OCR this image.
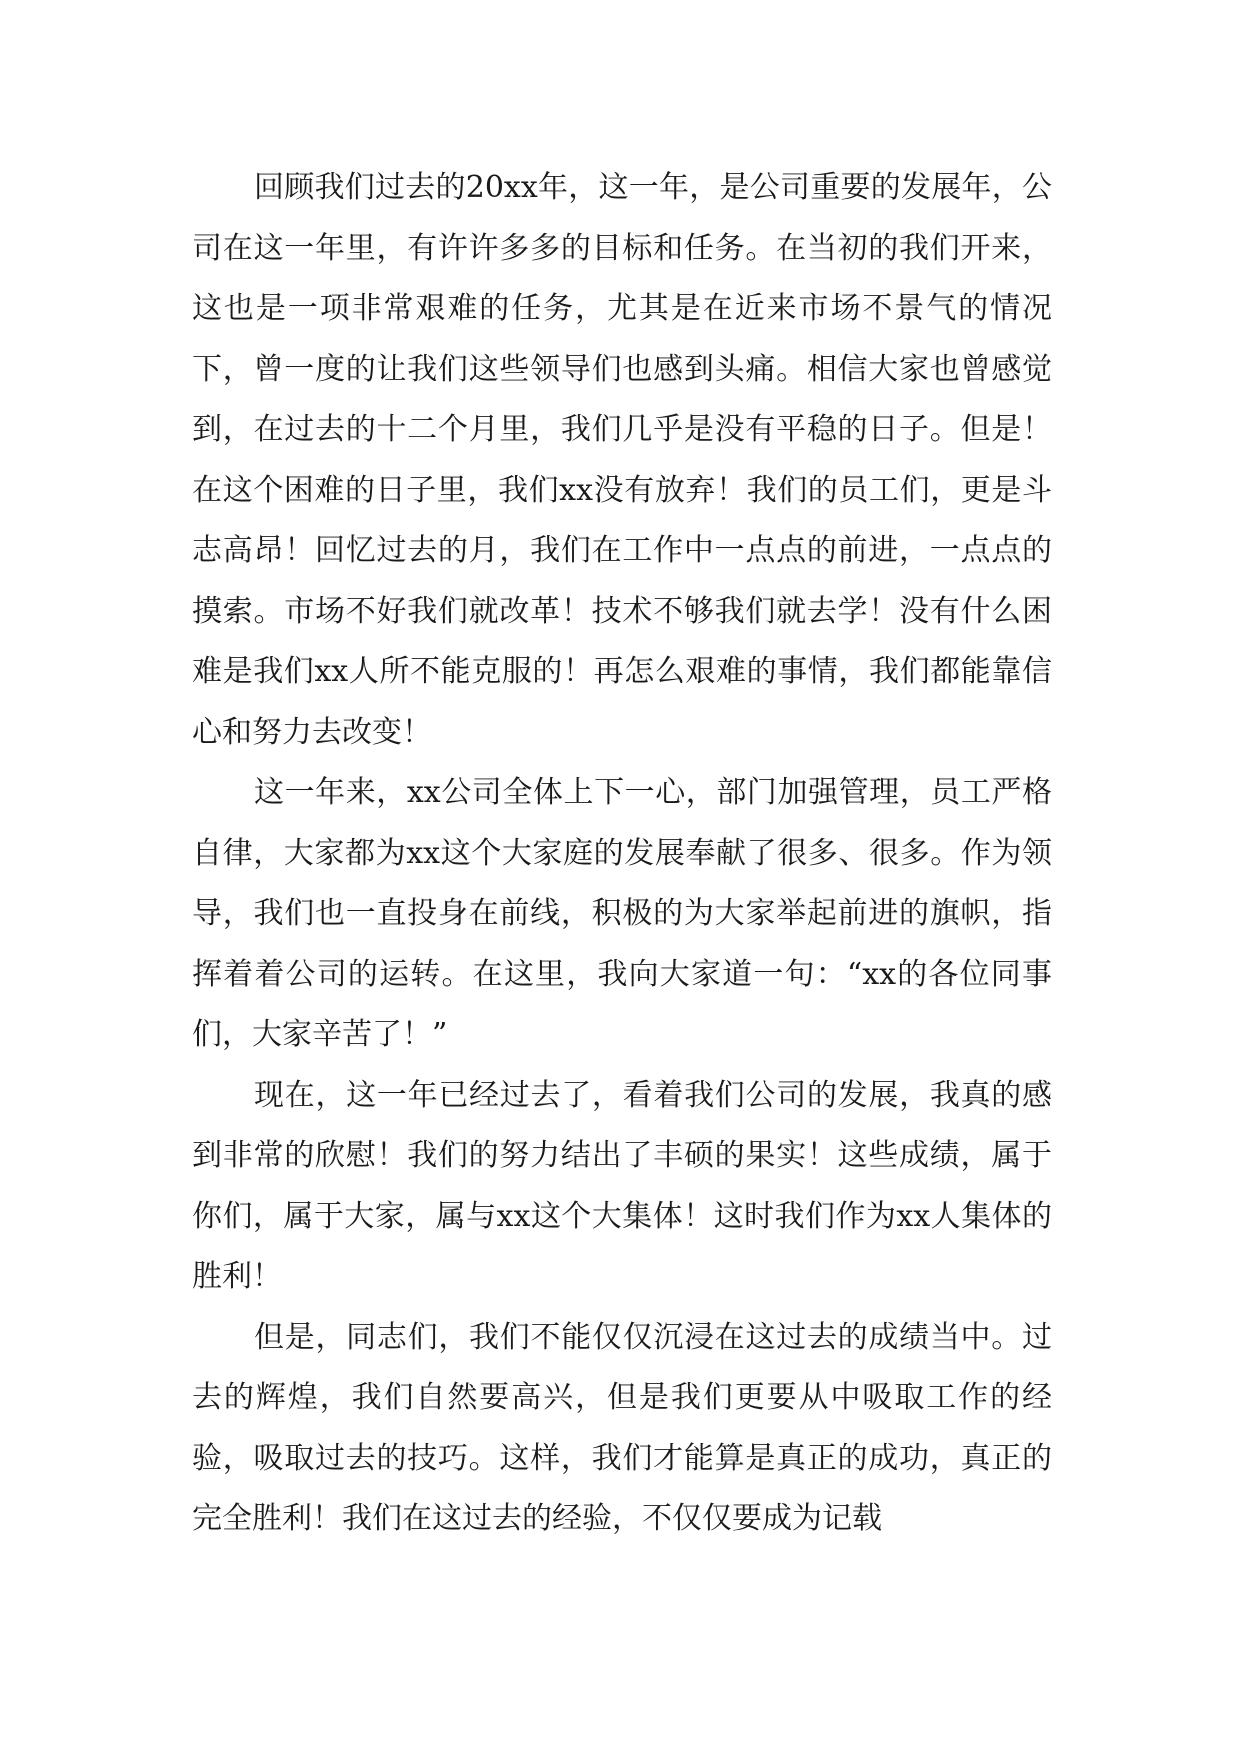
回顾我们过去的20xx年，这一年，是公司重要的发展年，公司在这一年里，有许许多多的目标和任务。在当初的我们开来，这也是一项非常艰难的任务，尤其是在近来市场不景气的情况下，曾一度的让我们这些领导们也感到头痛。相信大家也曾感觉到，在过去的十二个月里，我们几乎是没有平稳的日子。但是！在这个困难的日子里，我们xx没有放弃！我们的员工们，更是斗志高昂！回忆过去的月，我们在工作中一点点的前进，一点点的摸索。市场不好我们就改革！技术不够我们就去学！没有什么困难是我们xx人所不能克服的！再怎么艰难的事情，我们都能靠信心和努力去改变！

这一年来，xx公司全体上下一心，部门加强管理，员工严格自律，大家都为xx这个大家庭的发展奉献了很多、很多。作为领导，我们也一直投身在前线，积极的为大家举起前进的旗帜，指挥着着公司的运转。在这里，我向大家道一句：“xx的各位同事们，大家辛苦了！”

现在，这一年已经过去了，看着我们公司的发展，我真的感到非常的欣慰！我们的努力结出了丰硕的果实！这些成绩，属于你们，属于大家，属与xx这个大集体！这时我们作为xx人集体的胜利！

但是，同志们，我们不能仅仅沉浸在这过去的成绩当中。过去的辉煌，我们自然要高兴，但是我们更要从中吸取工作的经验，吸取过去的技巧。这样，我们才能算是真正的成功，真正的完全胜利！我们在这过去的经验，不仅仅要成为记载
